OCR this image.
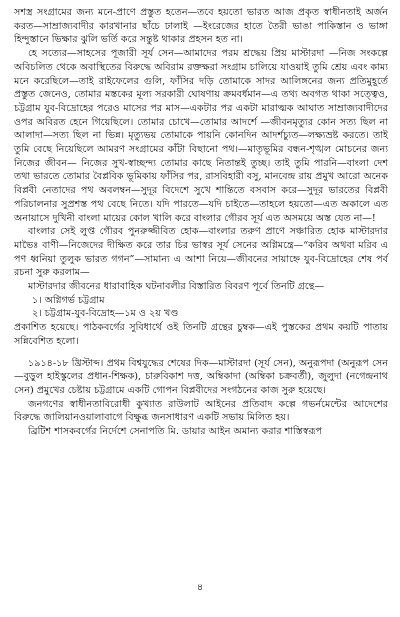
সশস্ত্র সংগ্রামের জন্য মনে-প্রাণে প্রস্তুত হতেন—তবে হয়তো ভারত আজ প্রকৃত স্বাধীনতাই অর্জন করত—সাম্রাজ্যবাদীর কারখানার ছাঁচে ঢালাই —ইংরেজের হাতে তৈরী ভাঙা পাকিস্তান ও ভাঙ্গা হিন্দুস্তানে ভিক্ষার ঝুলি ভর্তি করে সন্তুষ্ট থাকার প্রহসন হত না।

হে সত্যের—সাহসের পূজারী সূর্য সেন—আমাদের পরম শ্রদ্ধেয় প্রিয় মাস্টারদা —নিজ সংকল্পে অবিচলিত থেকে অবাস্থিতের বিরুদ্ধে অবিরাম রক্তক্ষরা সংগ্রাম চালিয়ে যাওয়াই তুমি শ্রেয় এবং কাম্য মনে করেছিলে—তাই রাইফেলের গুলি, ফাঁসির দড়ি তোমাকে সাদর আলিঙ্গনের জন্য প্রতিমুহূর্তে প্রস্তুত জেনেও, তোমার মস্তকের মূল্য সরকারী ঘোষণায় ক্রমবর্ধমান—এ তথ্য অবগত থাকা সত্ত্বেও, চট্টগ্রাম যুব-বিদ্রোহের পরেও মাসের পর মাস—একটার পর একটা মারাত্মক আঘাত সাম্রাজ্যবাদীদের ওপর অবিরত হেনে গিয়েছিলে। তোমার চোখে—তোমার আদর্শে —জীবনমৃত্যুর কোন সত্য ছিল না আলাদা—সত্য ছিল না ভিন্ন। মৃত্যুভয় তোমাকে পায়নি কোনদিন আদর্শচ্যুত—লক্ষ্যভ্রষ্ট করতে। তাই তুমি বেছে নিয়েছিলে আমরণ সংগ্রামের কাঁটা বিছানো পথ।—মাতৃভূমির বন্ধন-শৃঙ্খল মোচনের জন্য নিজের জীবন— নিজের সুখ-স্বাচ্ছন্দ্য তোমার কাছে নিতান্তই তুচ্ছ। তাই তুমি পারনি—বাংলা দেশ তথা ভারতে তোমার বৈপ্লবিক ভূমিকায় ফাঁসির পর, রাসবিহারী বসু, মানবেন্দ্র রায় প্রমুখ আরো অনেক বিপ্লবী নেতাদের পথ অবলম্বন—সুদূর বিদেশে সুখে শান্তিতে বসবাস করে—সুদূর ভারতের বিপ্লবী পরিচালনার সুপ্রশস্ত পথ বেছে নিতে। যদি পারতে—যদি চাইতে—তাহলে হয়তো—এত অকালে এত অনায়াসে দুখিনী বাংলা মায়ের কোল খালি করে বাংলার গৌরব সূর্য এত অসময়ে অস্ত যেত না—!

বাংলার সেই লুপ্ত গৌরব পুনরুজ্জীবিত হোক—বাংলার তরুণ প্রাণে সঞ্চারিত হোক মাস্টারদার মাভৈঃ বাণী—নিজেদের দীক্ষিত করে তার চির ভাস্বর সূর্য সেনের অগ্নিমন্ত্রে—“করিব অথবা মরিব এ পণ ধ্বনিয়া তুলুক ভারত গগন”—সামান্য এ আশা নিয়ে—জীবনের সায়াহ্নে যুব-বিদ্রোহের শেষ পর্ব রচনা সুরু করলাম—

মাস্টারদার জীবনের ধারাবাহিক ঘটনাবলীর বিস্তারিত বিবরণ পূর্বে তিনটি গ্রন্থে—

১। অগ্নিগর্ভ চট্টগ্রাম

২। চট্টগ্রাম-যুব-বিদ্রোহ—১ম ও ২য় খণ্ড

প্রকাশিত হয়েছে। পাঠকবর্গের সুবিধার্থে ওই তিনটি গ্রন্থের চুম্বক—এই পুস্তকের প্রথম কয়টি পাতায় সন্নিবেশিত হলো।

১৯১৪-১৮ খ্রিস্টাব্দ। প্রথম বিশ্বযুদ্ধের শেষের দিক—মাস্টারদা (সূর্য সেন), অনুরূপদা (অনুরূপ সেন—বুড়ুল হাইস্কুলের প্রধান-শিক্ষক), চারুবিকাশ দত্ত, অম্বিকাদা (অম্বিকা চক্রবর্তী), জুলুদা (নগেন্দ্রনাথ সেন) প্রমুখের চেষ্টায় চট্টগ্রামে একটি গোপন বিপ্লবীদের সংগঠনের কাজ সুরু হয়েছে।

জনগণের স্বাধীনতাবিরোধী কুখ্যাত রাউলাট আইনের প্রতিবাদ কল্পে গভর্নমেন্টের আদেশের বিরুদ্ধে জালিয়ানওয়ালাবাগে বিক্ষুব্ধ জনসাধারণ একটি সভায় মিলিত হয়।

ব্রিটিশ শাসকবর্গের নির্দেশে সেনাপতি মি. ডায়ার আইন অমান্য করার শাস্তিস্বরূপ

৪
